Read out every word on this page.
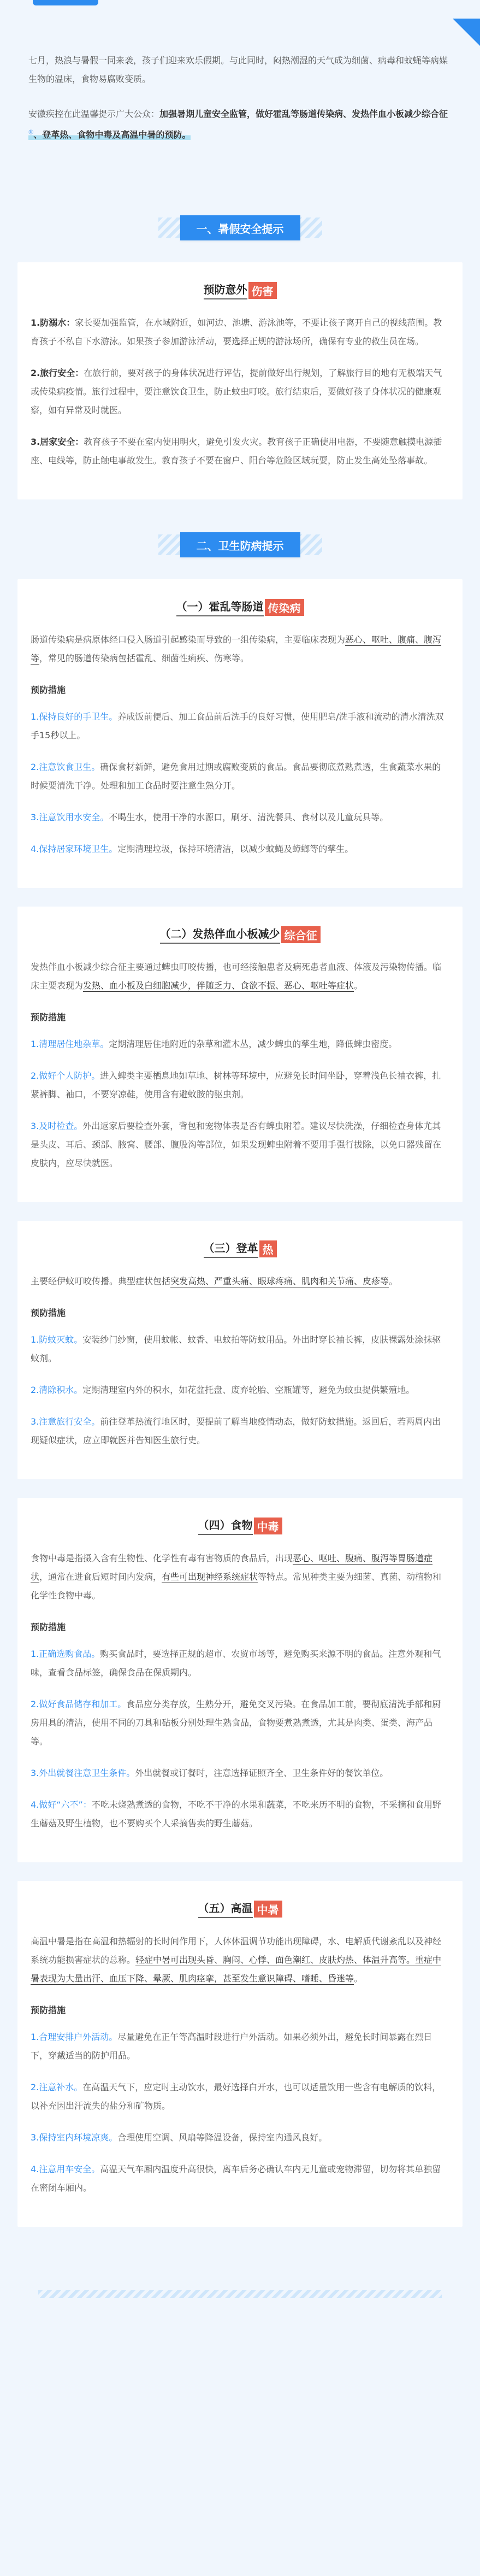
七月，热浪与暑假一同来袭，孩子们迎来欢乐假期。与此同时，闷热潮湿的天气成为细菌、病毒和蚊蝇等病媒生物的温床，食物易腐败变质。

安徽疾控在此温馨提示广大公众：加强暑期儿童安全监管，做好霍乱等肠道传染病、发热伴血小板减少综合征①、登革热、食物中毒及高温中暑的预防。

一、暑假安全提示
预防意外 伤害

1.防溺水：家长要加强监管，在水域附近，如河边、池塘、游泳池等，不要让孩子离开自己的视线范围。教育孩子不私自下水游泳。如果孩子参加游泳活动，要选择正规的游泳场所，确保有专业的救生员在场。

2.旅行安全：在旅行前，要对孩子的身体状况进行评估，提前做好出行规划，了解旅行目的地有无极端天气或传染病疫情。旅行过程中，要注意饮食卫生，防止蚊虫叮咬。旅行结束后，要做好孩子身体状况的健康观察，如有异常及时就医。

3.居家安全：教育孩子不要在室内使用明火，避免引发火灾。教育孩子正确使用电器，不要随意触摸电源插座、电线等，防止触电事故发生。教育孩子不要在窗户、阳台等危险区域玩耍，防止发生高处坠落事故。

二、卫生防病提示
（一）霍乱等肠道 传染病

肠道传染病是病原体经口侵入肠道引起感染而导致的一组传染病，主要临床表现为恶心、呕吐、腹痛、腹泻等，常见的肠道传染病包括霍乱、细菌性痢疾、伤寒等。

预防措施

1.保持良好的手卫生。养成饭前便后、加工食品前后洗手的良好习惯，使用肥皂/洗手液和流动的清水清洗双手15秒以上。

2.注意饮食卫生。确保食材新鲜，避免食用过期或腐败变质的食品。食品要彻底煮熟煮透，生食蔬菜水果的时候要清洗干净。处理和加工食品时要注意生熟分开。

3.注意饮用水安全。不喝生水，使用干净的水源口，刷牙、清洗餐具、食材以及儿童玩具等。

4.保持居家环境卫生。定期清理垃圾，保持环境清洁，以减少蚊蝇及蟑螂等的孳生。

（二）发热伴血小板减少 综合征

发热伴血小板减少综合征主要通过蜱虫叮咬传播，也可经接触患者及病死患者血液、体液及污染物传播。临床主要表现为发热、血小板及白细胞减少，伴随乏力、食欲不振、恶心、呕吐等症状。

预防措施

1.清理居住地杂草。定期清理居住地附近的杂草和灌木丛，减少蜱虫的孳生地，降低蜱虫密度。

2.做好个人防护。进入蜱类主要栖息地如草地、树林等环境中，应避免长时间坐卧，穿着浅色长袖衣裤，扎紧裤脚、袖口，不要穿凉鞋，使用含有避蚊胺的驱虫剂。

3.及时检查。外出返家后要检查外套，背包和宠物体表是否有蜱虫附着。建议尽快洗澡，仔细检查身体尤其是头皮、耳后、颈部、腋窝、腰部、腹股沟等部位，如果发现蜱虫附着不要用手强行拔除，以免口器残留在皮肤内，应尽快就医。

（三）登革 热

主要经伊蚊叮咬传播。典型症状包括突发高热、严重头痛、眼球疼痛、肌肉和关节痛、皮疹等。

预防措施

1.防蚊灭蚊。安装纱门纱窗，使用蚊帐、蚊香、电蚊拍等防蚊用品。外出时穿长袖长裤，皮肤裸露处涂抹驱蚊剂。

2.清除积水。定期清理室内外的积水，如花盆托盘、废弃轮胎、空瓶罐等，避免为蚊虫提供繁殖地。

3.注意旅行安全。前往登革热流行地区时，要提前了解当地疫情动态，做好防蚊措施。返回后，若两周内出现疑似症状，应立即就医并告知医生旅行史。

（四）食物 中毒

食物中毒是指摄入含有生物性、化学性有毒有害物质的食品后，出现恶心、呕吐、腹痛、腹泻等胃肠道症状，通常在进食后短时间内发病，有些可出现神经系统症状等特点。常见种类主要为细菌、真菌、动植物和化学性食物中毒。

预防措施

1.正确选购食品。购买食品时，要选择正规的超市、农贸市场等，避免购买来源不明的食品。注意外观和气味，查看食品标签，确保食品在保质期内。

2.做好食品储存和加工。食品应分类存放，生熟分开，避免交叉污染。在食品加工前，要彻底清洗手部和厨房用具的清洁，使用不同的刀具和砧板分别处理生熟食品，食物要煮熟煮透，尤其是肉类、蛋类、海产品等。

3.外出就餐注意卫生条件。外出就餐或订餐时，注意选择证照齐全、卫生条件好的餐饮单位。

4.做好“六不”：不吃未烧熟煮透的食物，不吃不干净的水果和蔬菜，不吃来历不明的食物，不采摘和食用野生蘑菇及野生植物，也不要购买个人采摘售卖的野生蘑菇。

（五）高温 中暑

高温中暑是指在高温和热辐射的长时间作用下，人体体温调节功能出现障碍，水、电解质代谢紊乱以及神经系统功能损害症状的总称。轻症中暑可出现头昏、胸闷、心悸、面色潮红、皮肤灼热、体温升高等。重症中暑表现为大量出汗、血压下降、晕厥、肌肉痉挛，甚至发生意识障碍、嗜睡、昏迷等。

预防措施

1.合理安排户外活动。尽量避免在正午等高温时段进行户外活动。如果必须外出，避免长时间暴露在烈日下，穿戴适当的防护用品。

2.注意补水。在高温天气下，应定时主动饮水，最好选择白开水，也可以适量饮用一些含有电解质的饮料，以补充因出汗流失的盐分和矿物质。

3.保持室内环境凉爽。合理使用空调、风扇等降温设备，保持室内通风良好。

4.注意用车安全。高温天气车厢内温度升高很快，离车后务必确认车内无儿童或宠物滞留，切勿将其单独留在密闭车厢内。
